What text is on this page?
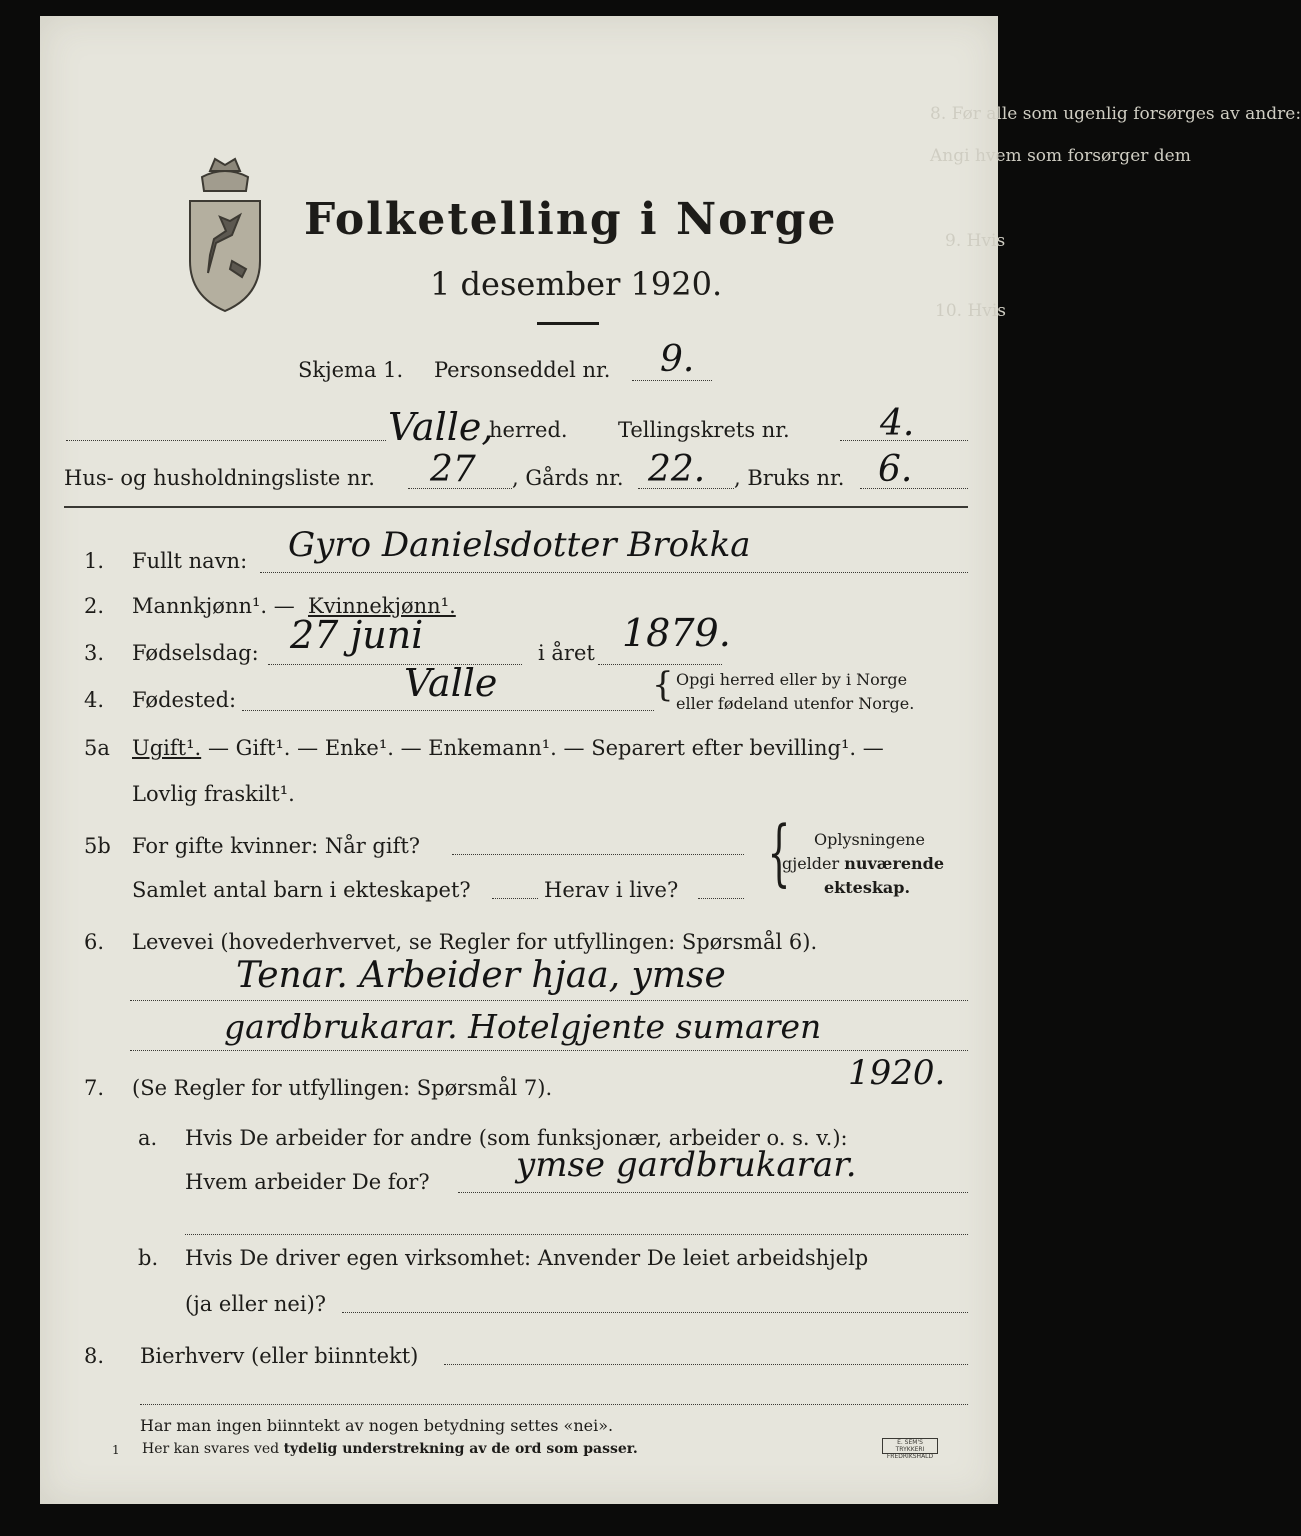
8. Før alle som ugenlig forsørges av andre:
Angi hvem som forsørger dem
9. Hvis
10. Hvis
Folketelling i Norge
1 desember 1920.
Skjema 1. Personseddel nr. 9.
Valle,
herred. Tellingskrets nr.	4.
Hus- og husholdningsliste nr. 27 , Gårds nr. 22. , Bruks nr. 6.
1. Fullt navn: Gyro Danielsdotter Brokka
2. Mannkjønn¹. — Kvinnekjønn¹.
3. Fødselsdag: 27 juni	i året 1879.
4. Fødested:	Valle	{ Opgi herred eller by i Norge
eller fødeland utenfor Norge.
5a Ugift¹. — Gift¹. — Enke¹. — Enkemann¹. — Separert efter bevilling¹. —
Lovlig fraskilt¹.
5b For gifte kvinner: Når gift?
Samlet antal barn i ekteskapet?	Herav i live? { Oplysningene
gjelder nuværende
ekteskap.
6. Levevei (hovederhvervet, se Regler for utfyllingen: Spørsmål 6).
Tenar. Arbeider hjaa, ymse
gardbrukarar. Hotelgjente sumaren
7. (Se Regler for utfyllingen: Spørsmål 7).	1920.
a. Hvis De arbeider for andre (som funksjonær, arbeider o. s. v.):
Hvem arbeider De for?	ymse gardbrukarar.
b. Hvis De driver egen virksomhet: Anvender De leiet arbeidshjelp
(ja eller nei)?
8. Bierhverv (eller biinntekt)
Har man ingen biinntekt av nogen betydning settes «nei».
1 Her kan svares ved tydelig understrekning av de ord som passer.	E. SEM'S TRYKKERI FREDRIKSHALD
